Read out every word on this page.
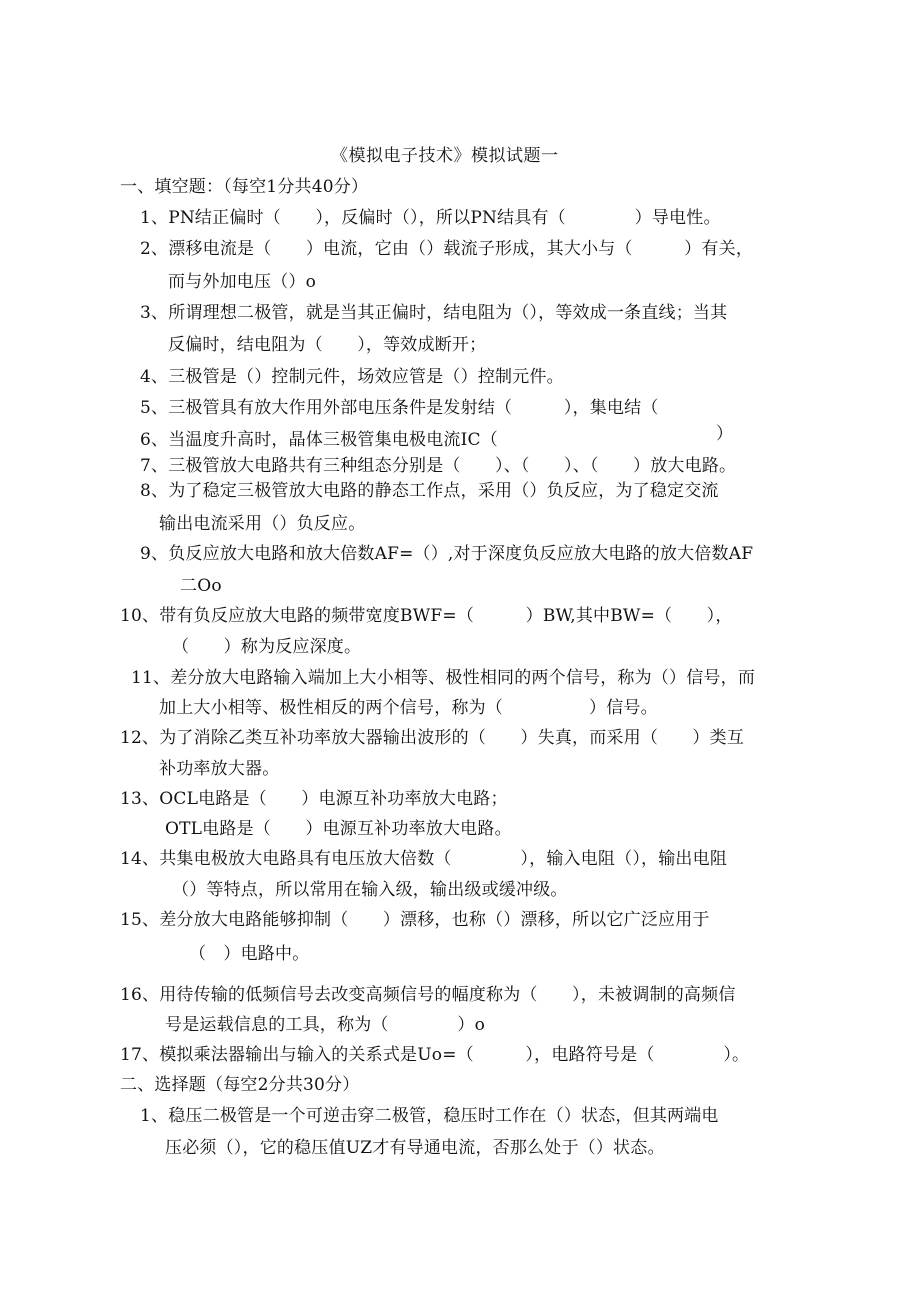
《模拟电子技术》模拟试题一
一、填空题：（每空1分共40分）
1、PN结正偏时（　　），反偏时（），所以PN结具有（　　　　）导电性。
2、漂移电流是（　　）电流，它由（）载流子形成，其大小与（　　　）有关，
而与外加电压（）o
3、所谓理想二极管，就是当其正偏时，结电阻为（），等效成一条直线；当其
反偏时，结电阻为（　　），等效成断开；
4、三极管是（）控制元件，场效应管是（）控制元件。
5、三极管具有放大作用外部电压条件是发射结（　　　），集电结（
6、当温度升高时，晶体三极管集电极电流IC（	）
7、三极管放大电路共有三种组态分别是（　　）、（　　）、（　　）放大电路。
8、为了稳定三极管放大电路的静态工作点，采用（）负反应，为了稳定交流
输出电流采用（）负反应。
9、负反应放大电路和放大倍数AF=（）,对于深度负反应放大电路的放大倍数AF
二Oo
10、带有负反应放大电路的频带宽度BWF=（　　　）BW,其中BW=（　　），
（　　）称为反应深度。
11、差分放大电路输入端加上大小相等、极性相同的两个信号，称为（）信号，而
加上大小相等、极性相反的两个信号，称为（　　　　　）信号。
12、为了消除乙类互补功率放大器输出波形的（　　）失真，而采用（　　）类互
补功率放大器。
13、OCL电路是（　　）电源互补功率放大电路；
OTL电路是（　　）电源互补功率放大电路。
14、共集电极放大电路具有电压放大倍数（　　　　），输入电阻（），输出电阻
（）等特点，所以常用在输入级，输出级或缓冲级。
15、差分放大电路能够抑制（　　）漂移，也称（）漂移，所以它广泛应用于
（　）电路中。
16、用待传输的低频信号去改变高频信号的幅度称为（　　），未被调制的高频信
号是运载信息的工具，称为（　　　　）o
17、模拟乘法器输出与输入的关系式是Uo=（　　　），电路符号是（　　　　）。
二、选择题（每空2分共30分）
1、稳压二极管是一个可逆击穿二极管，稳压时工作在（）状态，但其两端电
压必须（），它的稳压值UZ才有导通电流，否那么处于（）状态。
